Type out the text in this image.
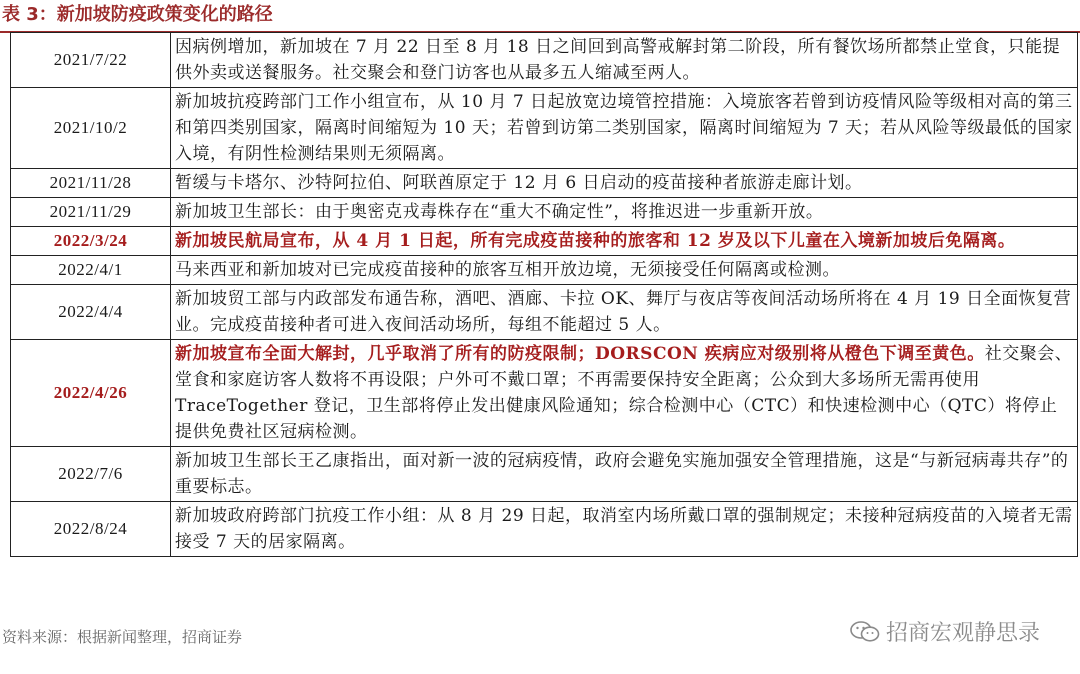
表 3：新加坡防疫政策变化的路径
2021/7/22	因病例增加，新加坡在 7 月 22 日至 8 月 18 日之间回到高警戒解封第二阶段，所有餐饮场所都禁止堂食，只能提供外卖或送餐服务。社交聚会和登门访客也从最多五人缩减至两人。
2021/10/2	新加坡抗疫跨部门工作小组宣布，从 10 月 7 日起放宽边境管控措施：入境旅客若曾到访疫情风险等级相对高的第三和第四类别国家，隔离时间缩短为 10 天；若曾到访第二类别国家，隔离时间缩短为 7 天；若从风险等级最低的国家入境，有阴性检测结果则无须隔离。
2021/11/28	暂缓与卡塔尔、沙特阿拉伯、阿联酋原定于 12 月 6 日启动的疫苗接种者旅游走廊计划。
2021/11/29	新加坡卫生部长：由于奥密克戎毒株存在“重大不确定性”，将推迟进一步重新开放。
2022/3/24	新加坡民航局宣布，从 4 月 1 日起，所有完成疫苗接种的旅客和 12 岁及以下儿童在入境新加坡后免隔离。
2022/4/1	马来西亚和新加坡对已完成疫苗接种的旅客互相开放边境，无须接受任何隔离或检测。
2022/4/4	新加坡贸工部与内政部发布通告称，酒吧、酒廊、卡拉 OK、舞厅与夜店等夜间活动场所将在 4 月 19 日全面恢复营业。完成疫苗接种者可进入夜间活动场所，每组不能超过 5 人。
2022/4/26	新加坡宣布全面大解封，几乎取消了所有的防疫限制；DORSCON 疾病应对级别将从橙色下调至黄色。社交聚会、堂食和家庭访客人数将不再设限；户外可不戴口罩；不再需要保持安全距离；公众到大多场所无需再使用 TraceTogether 登记，卫生部将停止发出健康风险通知；综合检测中心（CTC）和快速检测中心（QTC）将停止提供免费社区冠病检测。
2022/7/6	新加坡卫生部长王乙康指出，面对新一波的冠病疫情，政府会避免实施加强安全管理措施，这是“与新冠病毒共存”的重要标志。
2022/8/24	新加坡政府跨部门抗疫工作小组：从 8 月 29 日起，取消室内场所戴口罩的强制规定；未接种冠病疫苗的入境者无需接受 7 天的居家隔离。
资料来源：根据新闻整理，招商证券	招商宏观静思录
